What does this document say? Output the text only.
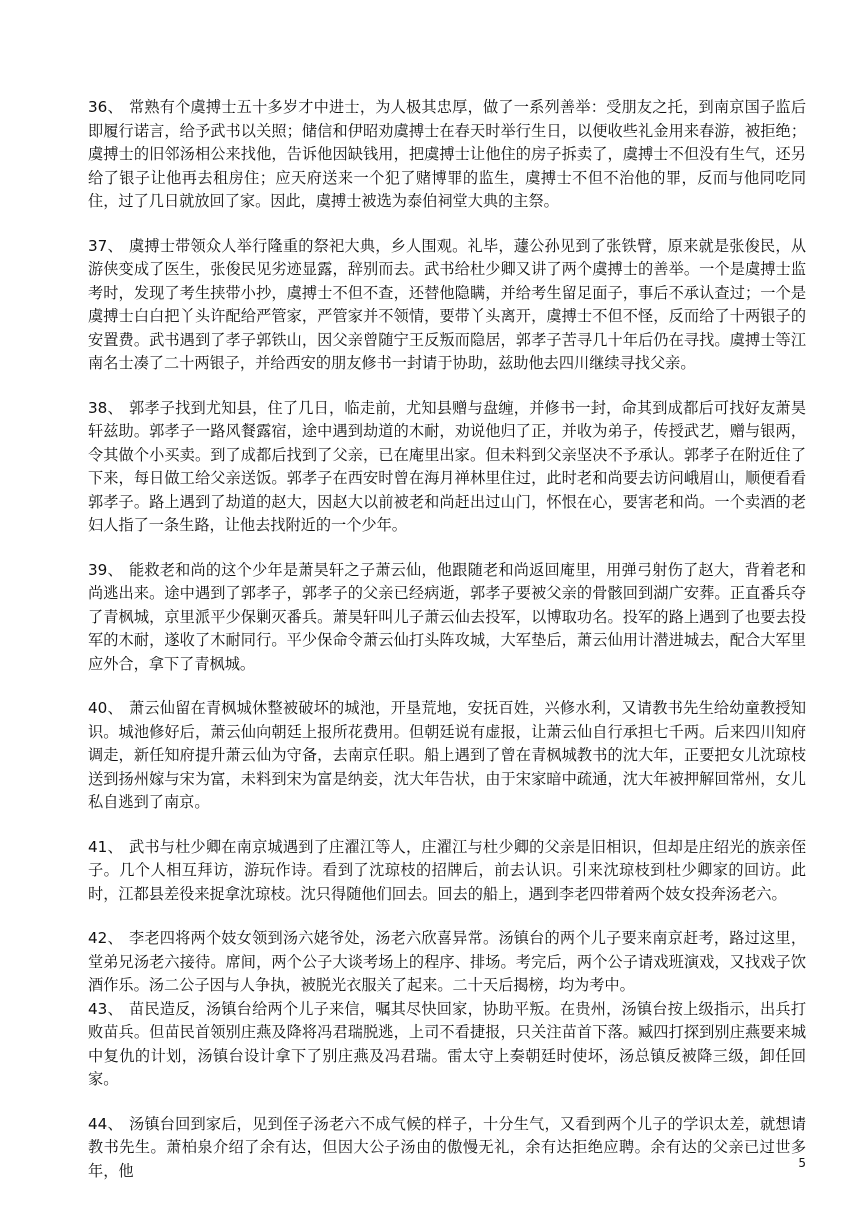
36、 常熟有个虞搏士五十多岁才中进士，为人极其忠厚，做了一系列善举：受朋友之托，到南京国子监后即履行诺言，给予武书以关照；储信和伊昭劝虞搏士在春天时举行生日，以便收些礼金用来春游，被拒绝；虞搏士的旧邻汤相公来找他，告诉他因缺钱用，把虞搏士让他住的房子拆卖了，虞搏士不但没有生气，还另给了银子让他再去租房住；应天府送来一个犯了赌博罪的监生，虞搏士不但不治他的罪，反而与他同吃同住，过了几日就放回了家。因此，虞搏士被选为泰伯祠堂大典的主祭。

37、 虞搏士带领众人举行隆重的祭祀大典，乡人围观。礼毕，蘧公孙见到了张铁臂，原来就是张俊民，从游侠变成了医生，张俊民见劣迹显露，辞别而去。武书给杜少卿又讲了两个虞搏士的善举。一个是虞搏士监考时，发现了考生挟带小抄，虞搏士不但不查，还替他隐瞒，并给考生留足面子，事后不承认查过；一个是虞搏士白白把丫头许配给严管家，严管家并不领情，要带丫头离开，虞搏士不但不怪，反而给了十两银子的安置费。武书遇到了孝子郭铁山，因父亲曾随宁王反叛而隐居，郭孝子苦寻几十年后仍在寻找。虞搏士等江南名士凑了二十两银子，并给西安的朋友修书一封请于协助，兹助他去四川继续寻找父亲。

38、 郭孝子找到尤知县，住了几日，临走前，尤知县赠与盘缠，并修书一封，命其到成都后可找好友萧昊轩兹助。郭孝子一路风餐露宿，途中遇到劫道的木耐，劝说他归了正，并收为弟子，传授武艺，赠与银两，令其做个小买卖。到了成都后找到了父亲，已在庵里出家。但未料到父亲坚决不予承认。郭孝子在附近住了下来，每日做工给父亲送饭。郭孝子在西安时曾在海月禅林里住过，此时老和尚要去访问峨眉山，顺便看看郭孝子。路上遇到了劫道的赵大，因赵大以前被老和尚赶出过山门，怀恨在心，要害老和尚。一个卖酒的老妇人指了一条生路，让他去找附近的一个少年。

39、 能救老和尚的这个少年是萧昊轩之子萧云仙，他跟随老和尚返回庵里，用弹弓射伤了赵大，背着老和尚逃出来。途中遇到了郭孝子，郭孝子的父亲已经病逝，郭孝子要被父亲的骨骸回到湖广安葬。正直番兵夺了青枫城，京里派平少保剿灭番兵。萧昊轩叫儿子萧云仙去投军，以博取功名。投军的路上遇到了也要去投军的木耐，遂收了木耐同行。平少保命令萧云仙打头阵攻城，大军垫后，萧云仙用计潜进城去，配合大军里应外合，拿下了青枫城。

40、 萧云仙留在青枫城休整被破坏的城池，开垦荒地，安抚百姓，兴修水利，又请教书先生给幼童教授知识。城池修好后，萧云仙向朝廷上报所花费用。但朝廷说有虚报，让萧云仙自行承担七千两。后来四川知府调走，新任知府提升萧云仙为守备，去南京任职。船上遇到了曾在青枫城教书的沈大年，正要把女儿沈琼枝送到扬州嫁与宋为富，未料到宋为富是纳妾，沈大年告状，由于宋家暗中疏通，沈大年被押解回常州，女儿私自逃到了南京。

41、 武书与杜少卿在南京城遇到了庄濯江等人，庄濯江与杜少卿的父亲是旧相识，但却是庄绍光的族亲侄子。几个人相互拜访，游玩作诗。看到了沈琼枝的招牌后，前去认识。引来沈琼枝到杜少卿家的回访。此时，江都县差役来捉拿沈琼枝。沈只得随他们回去。回去的船上，遇到李老四带着两个妓女投奔汤老六。

42、 李老四将两个妓女领到汤六姥爷处，汤老六欣喜异常。汤镇台的两个儿子要来南京赶考，路过这里，堂弟兄汤老六接待。席间，两个公子大谈考场上的程序、排场。考完后，两个公子请戏班演戏，又找戏子饮酒作乐。汤二公子因与人争执，被脱光衣服关了起来。二十天后揭榜，均为考中。

43、 苗民造反，汤镇台给两个儿子来信，嘱其尽快回家，协助平叛。在贵州，汤镇台按上级指示，出兵打败苗兵。但苗民首领别庄燕及降将冯君瑞脱逃，上司不看捷报，只关注苗首下落。臧四打探到别庄燕要来城中复仇的计划，汤镇台设计拿下了别庄燕及冯君瑞。雷太守上奏朝廷时使坏，汤总镇反被降三级，卸任回家。

44、 汤镇台回到家后，见到侄子汤老六不成气候的样子，十分生气，又看到两个儿子的学识太差，就想请教书先生。萧柏泉介绍了余有达，但因大公子汤由的傲慢无礼，余有达拒绝应聘。余有达的父亲已过世多年，他	5
